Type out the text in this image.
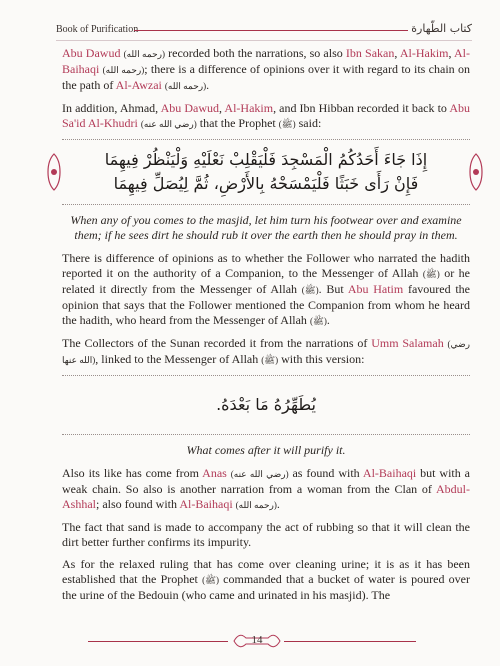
Book of Purification	كتاب الطّهارة

Abu Dawud (رحمه الله) recorded both the narrations, so also Ibn Sakan, Al-Hakim, Al-Baihaqi (رحمه الله); there is a difference of opinions over it with regard to its chain on the path of Al-Awzai (رحمه الله).

In addition, Ahmad, Abu Dawud, Al-Hakim, and Ibn Hibban recorded it back to Abu Sa'id Al-Khudri (رضي الله عنه) that the Prophet (ﷺ) said:

إِذَا جَاءَ أَحَدُكُمُ الْمَسْجِدَ فَلْيَقْلِبْ نَعْلَيْهِ وَلْيَنْظُرْ فِيهِمَا فَإِنْ رَأَى خَبَثًا فَلْيَمْسَحْهُ بِالأَرْضِ، ثُمَّ لِيُصَلِّ فِيهِمَا

When any of you comes to the masjid, let him turn his footwear over and examine them; if he sees dirt he should rub it over the earth then he should pray in them.

There is difference of opinions as to whether the Follower who narrated the hadith reported it on the authority of a Companion, to the Messenger of Allah (ﷺ) or he related it directly from the Messenger of Allah (ﷺ). But Abu Hatim favoured the opinion that says that the Follower mentioned the Companion from whom he heard the hadith, who heard from the Messenger of Allah (ﷺ).

The Collectors of the Sunan recorded it from the narrations of Umm Salamah (رضي الله عنها), linked to the Messenger of Allah (ﷺ) with this version:

يُطَهِّرُهُ مَا بَعْدَهُ.

What comes after it will purify it.

Also its like has come from Anas (رضي الله عنه) as found with Al-Baihaqi but with a weak chain. So also is another narration from a woman from the Clan of Abdul-Ashhal; also found with Al-Baihaqi (رحمه الله).

The fact that sand is made to accompany the act of rubbing so that it will clean the dirt better further confirms its impurity.

As for the relaxed ruling that has come over cleaning urine; it is as it has been established that the Prophet (ﷺ) commanded that a bucket of water is poured over the urine of the Bedouin (who came and urinated in his masjid). The

14
